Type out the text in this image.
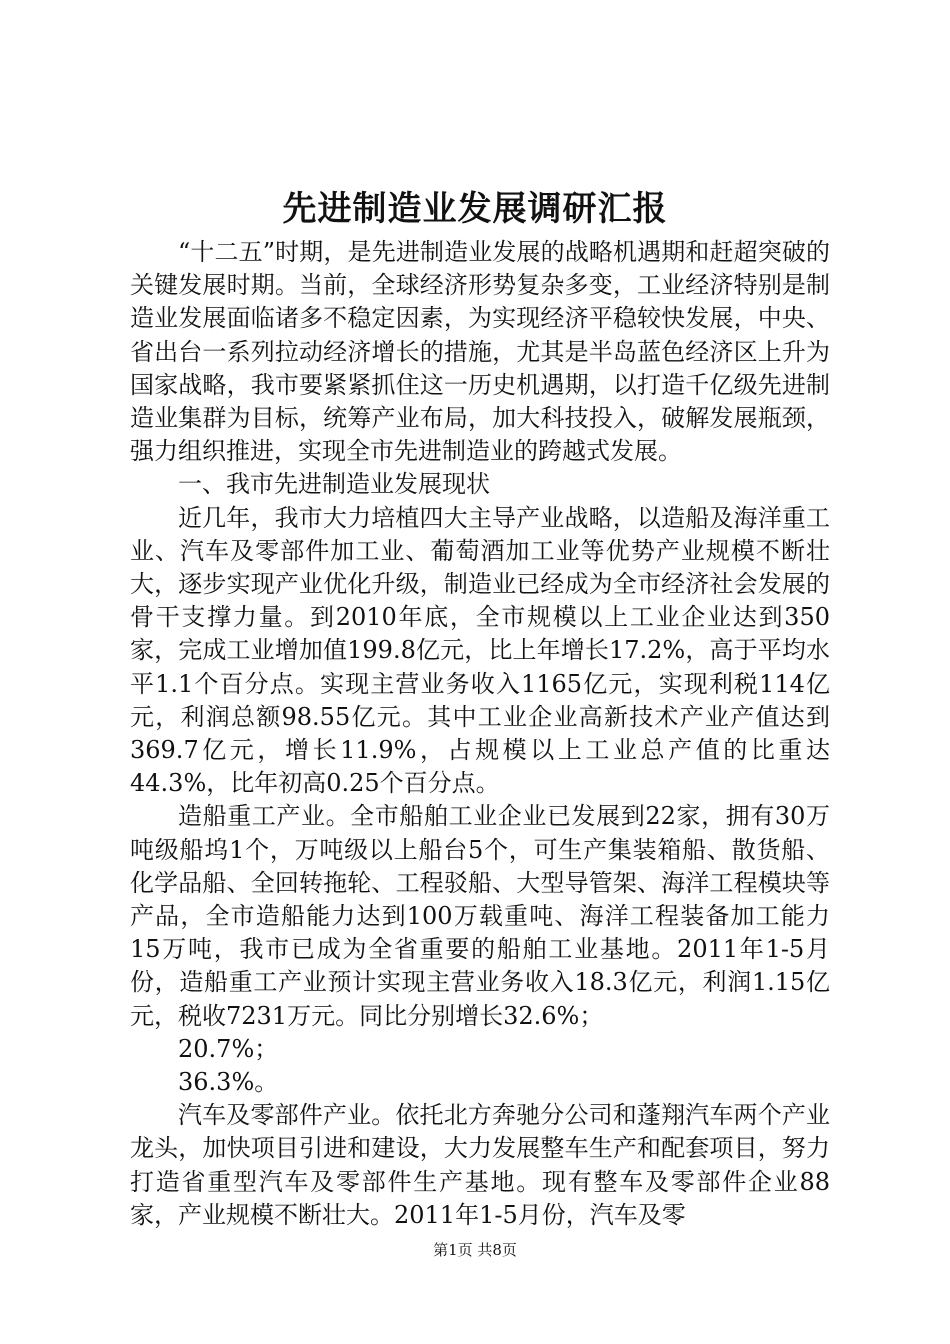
先进制造业发展调研汇报

“十二五”时期，是先进制造业发展的战略机遇期和赶超突破的关键发展时期。当前，全球经济形势复杂多变，工业经济特别是制造业发展面临诸多不稳定因素，为实现经济平稳较快发展，中央、省出台一系列拉动经济增长的措施，尤其是半岛蓝色经济区上升为国家战略，我市要紧紧抓住这一历史机遇期，以打造千亿级先进制造业集群为目标，统筹产业布局，加大科技投入，破解发展瓶颈，强力组织推进，实现全市先进制造业的跨越式发展。

一、我市先进制造业发展现状

近几年，我市大力培植四大主导产业战略，以造船及海洋重工业、汽车及零部件加工业、葡萄酒加工业等优势产业规模不断壮大，逐步实现产业优化升级，制造业已经成为全市经济社会发展的骨干支撑力量。到2010年底，全市规模以上工业企业达到350家，完成工业增加值199.8亿元，比上年增长17.2%，高于平均水平1.1个百分点。实现主营业务收入1165亿元，实现利税114亿元，利润总额98.55亿元。其中工业企业高新技术产业产值达到369.7亿元，增长11.9%，占规模以上工业总产值的比重达44.3%，比年初高0.25个百分点。

造船重工产业。全市船舶工业企业已发展到22家，拥有30万吨级船坞1个，万吨级以上船台5个，可生产集装箱船、散货船、化学品船、全回转拖轮、工程驳船、大型导管架、海洋工程模块等产品，全市造船能力达到100万载重吨、海洋工程装备加工能力15万吨，我市已成为全省重要的船舶工业基地。2011年1-5月份，造船重工产业预计实现主营业务收入18.3亿元，利润1.15亿元，税收7231万元。同比分别增长32.6%；

20.7%；

36.3%。

汽车及零部件产业。依托北方奔驰分公司和蓬翔汽车两个产业龙头，加快项目引进和建设，大力发展整车生产和配套项目，努力打造省重型汽车及零部件生产基地。现有整车及零部件企业88家，产业规模不断壮大。2011年1-5月份，汽车及零

第1页 共8页
